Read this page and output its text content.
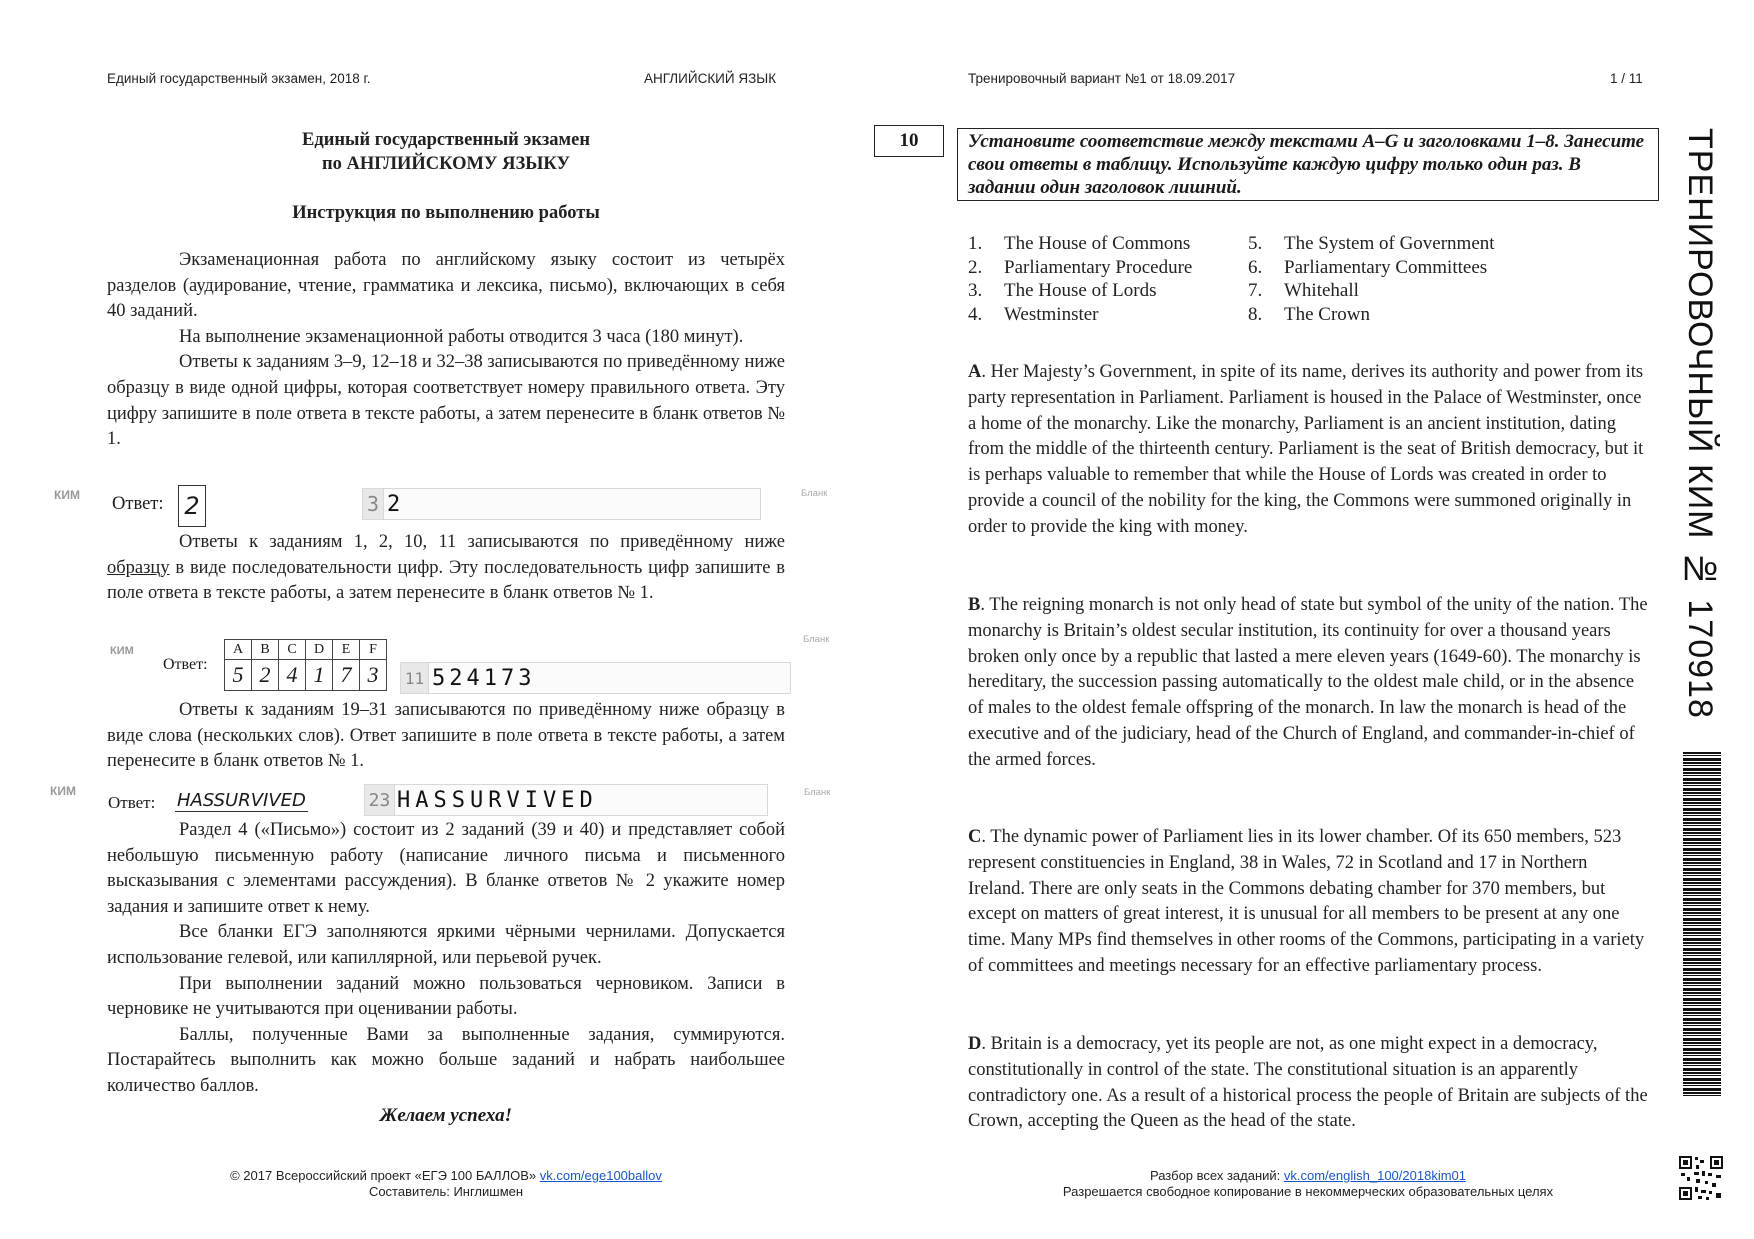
Единый государственный экзамен, 2018 г.	АНГЛИЙСКИЙ ЯЗЫК	Тренировочный вариант №1 от 18.09.2017	1 / 11
Единый государственный экзамен
по АНГЛИЙСКОМУ ЯЗЫКУ
Инструкция по выполнению работы

Экзаменационная работа по английскому языку состоит из четырёх разделов (аудирование, чтение, грамматика и лексика, письмо), включающих в себя 40 заданий.

На выполнение экзаменационной работы отводится 3 часа (180 минут).

Ответы к заданиям 3–9, 12–18 и 32–38 записываются по приведённому ниже образцу в виде одной цифры, которая соответствует номеру правильного ответа. Эту цифру запишите в поле ответа в тексте работы, а затем перенесите в бланк ответов № 1.

КИМ Ответ: 2	3 2	Бланк

Ответы к заданиям 1, 2, 10, 11 записываются по приведённому ниже образцу в виде последовательности цифр. Эту последовательность цифр запишите в поле ответа в тексте работы, а затем перенесите в бланк ответов № 1.

КИМ
Ответ:
A	B	C	D	E	F
5	2	4	1	7	3	11 524173
Бланк

Ответы к заданиям 19–31 записываются по приведённому ниже образцу в виде слова (нескольких слов). Ответ запишите в поле ответа в тексте работы, а затем перенесите в бланк ответов № 1.

КИМ
Ответ: HASSURVIVED	23 HASSURVIVED	Бланк

Раздел 4 («Письмо») состоит из 2 заданий (39 и 40) и представляет собой небольшую письменную работу (написание личного письма и письменного высказывания с элементами рассуждения). В бланке ответов № 2 укажите номер задания и запишите ответ к нему.

Все бланки ЕГЭ заполняются яркими чёрными чернилами. Допускается использование гелевой, или капиллярной, или перьевой ручек.

При выполнении заданий можно пользоваться черновиком. Записи в черновике не учитываются при оценивании работы.

Баллы, полученные Вами за выполненные задания, суммируются. Постарайтесь выполнить как можно больше заданий и набрать наибольшее количество баллов.

Желаем успеха!
10	Установите соответствие между текстами A–G и заголовками 1–8. Занесите свои ответы в таблицу. Используйте каждую цифру только один раз. В задании один заголовок лишний.
1.	The House of Commons	5.	The System of Government
2.	Parliamentary Procedure	6.	Parliamentary Committees
3.	The House of Lords	7.	Whitehall
4.	Westminster	8.	The Crown

A. Her Majesty’s Government, in spite of its name, derives its authority and power from its party representation in Parliament. Parliament is housed in the Palace of Westminster, once a home of the monarchy. Like the monarchy, Parliament is an ancient institution, dating from the middle of the thirteenth century. Parliament is the seat of British democracy, but it is perhaps valuable to remember that while the House of Lords was created in order to provide a council of the nobility for the king, the Commons were summoned originally in order to provide the king with money.

B. The reigning monarch is not only head of state but symbol of the unity of the nation. The monarchy is Britain’s oldest secular institution, its continuity for over a thousand years broken only once by a republic that lasted a mere eleven years (1649-60). The monarchy is hereditary, the succession passing automatically to the oldest male child, or in the absence of males to the oldest female offspring of the monarch. In law the monarch is head of the executive and of the judiciary, head of the Church of England, and commander-in-chief of the armed forces.

C. The dynamic power of Parliament lies in its lower chamber. Of its 650 members, 523 represent constituencies in England, 38 in Wales, 72 in Scotland and 17 in Northern Ireland. There are only seats in the Commons debating chamber for 370 members, but except on matters of great interest, it is unusual for all members to be present at any one time. Many MPs find themselves in other rooms of the Commons, participating in a variety of committees and meetings necessary for an effective parliamentary process.

D. Britain is a democracy, yet its people are not, as one might expect in a democracy, constitutionally in control of the state. The constitutional situation is an apparently contradictory one. As a result of a historical process the people of Britain are subjects of the Crown, accepting the Queen as the head of the state.

ТРЕНИРОВОЧНЫЙ КИМ № 170918
© 2017 Всероссийский проект «ЕГЭ 100 БАЛЛОВ» vk.com/ege100ballov
Составитель: Инглишмен
Разбор всех заданий: vk.com/english_100/2018kim01
Разрешается свободное копирование в некоммерческих образовательных целях
